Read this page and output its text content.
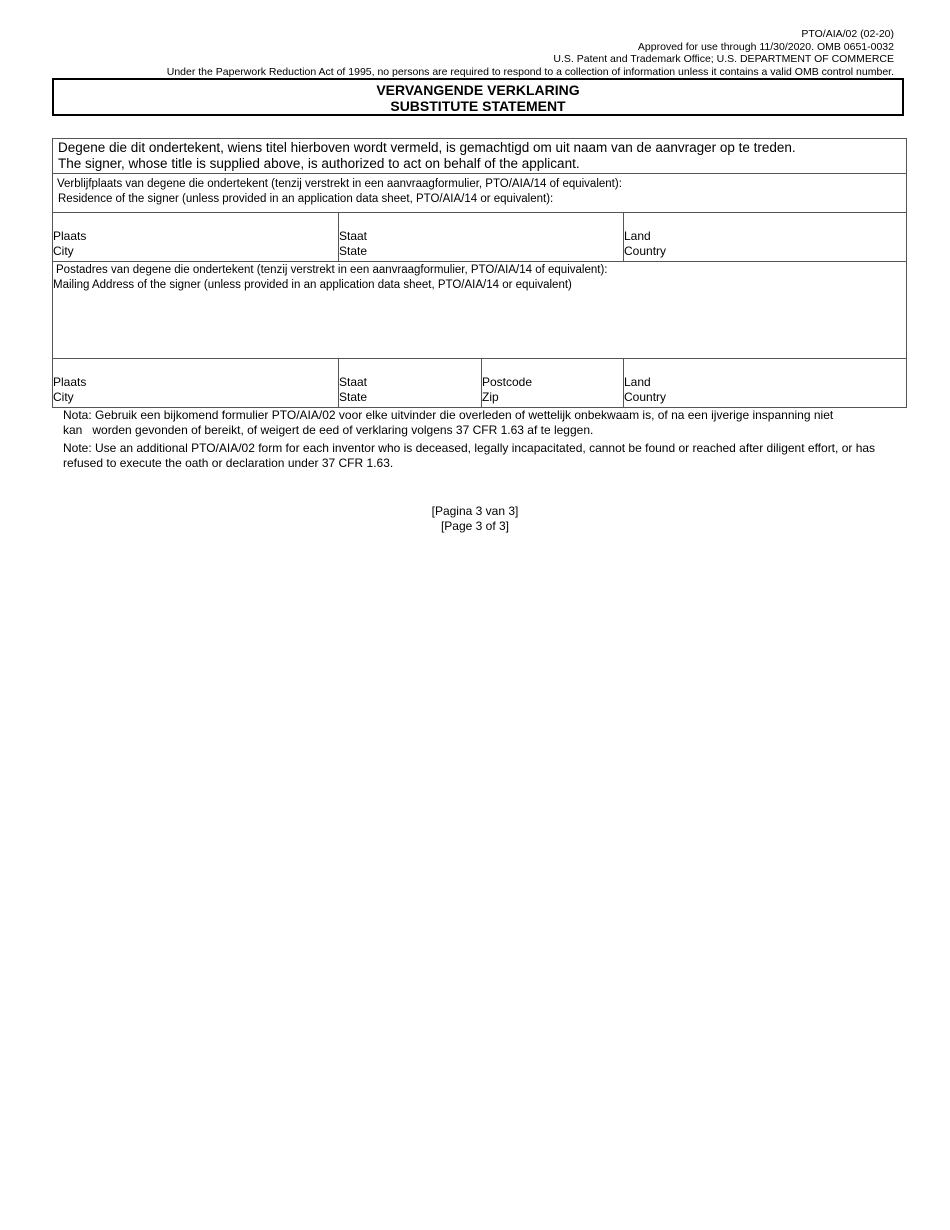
PTO/AIA/02 (02-20)
Approved for use through 11/30/2020. OMB 0651-0032
U.S. Patent and Trademark Office; U.S. DEPARTMENT OF COMMERCE
Under the Paperwork Reduction Act of 1995, no persons are required to respond to a collection of information unless it contains a valid OMB control number.
VERVANGENDE VERKLARING
SUBSTITUTE STATEMENT
Degene die dit ondertekent, wiens titel hierboven wordt vermeld, is gemachtigd om uit naam van de aanvrager op te treden.
The signer, whose title is supplied above, is authorized to act on behalf of the applicant.
Verblijfplaats van degene die ondertekent (tenzij verstrekt in een aanvraagformulier, PTO/AIA/14 of equivalent):
Residence of the signer (unless provided in an application data sheet, PTO/AIA/14 or equivalent):
Plaats
City
Staat
State
Land
Country
Postadres van degene die ondertekent (tenzij verstrekt in een aanvraagformulier, PTO/AIA/14 of equivalent):
Mailing Address of the signer (unless provided in an application data sheet, PTO/AIA/14 or equivalent)
Plaats
City
Staat
State
Postcode
Zip
Land
Country

Nota: Gebruik een bijkomend formulier PTO/AIA/02 voor elke uitvinder die overleden of wettelijk onbekwaam is, of na een ijverige inspanning niet
kan   worden gevonden of bereikt, of weigert de eed of verklaring volgens 37 CFR 1.63 af te leggen.

Note: Use an additional PTO/AIA/02 form for each inventor who is deceased, legally incapacitated, cannot be found or reached after diligent effort, or has
refused to execute the oath or declaration under 37 CFR 1.63.

[Pagina 3 van 3]
[Page 3 of 3]
